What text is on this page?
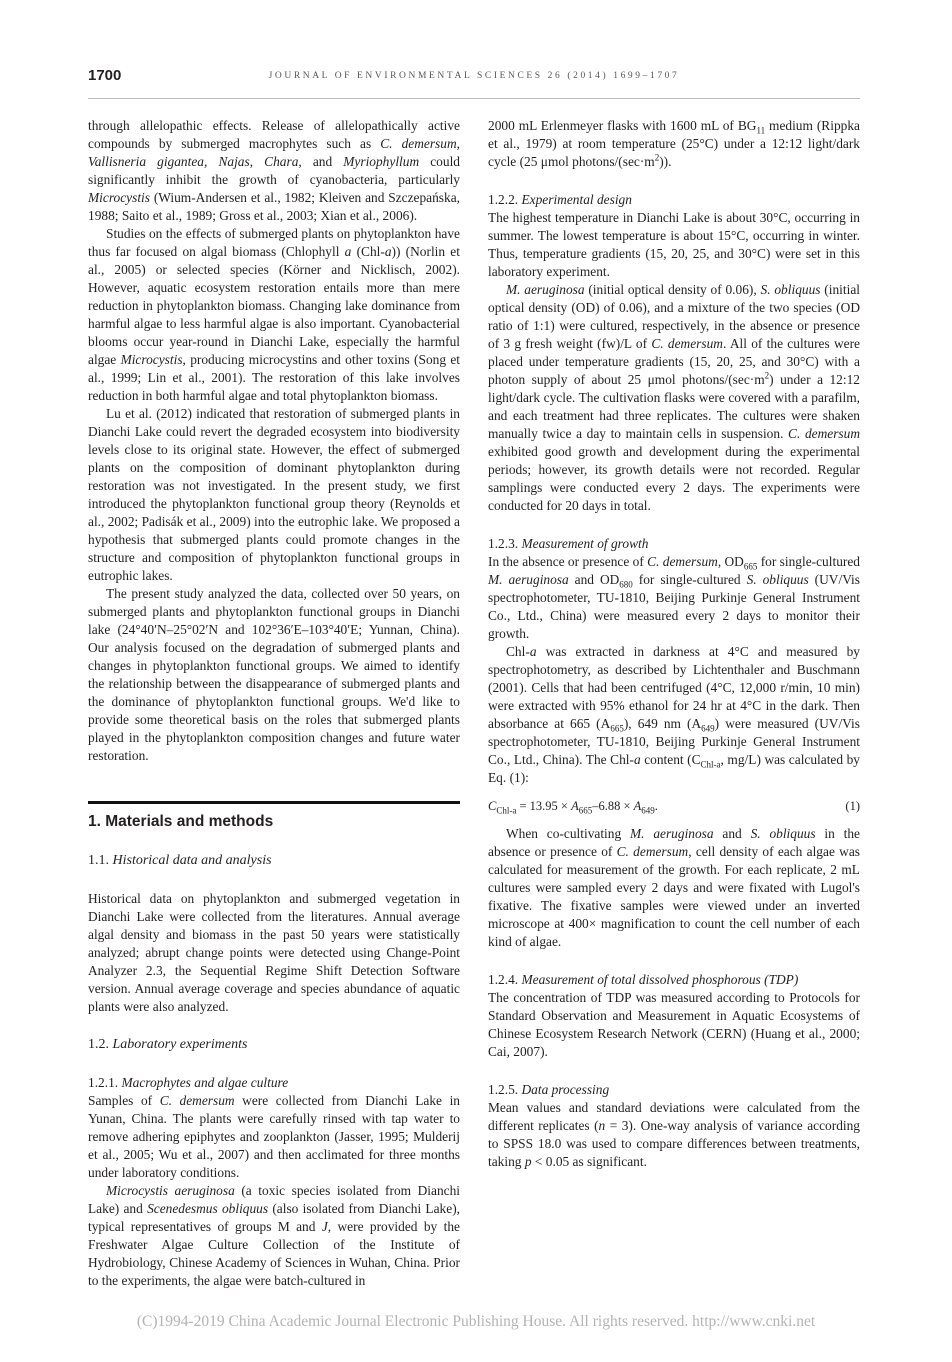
1700	JOURNAL OF ENVIRONMENTAL SCIENCES 26 (2014) 1699–1707

through allelopathic effects. Release of allelopathically active compounds by submerged macrophytes such as C. demersum, Vallisneria gigantea, Najas, Chara, and Myriophyllum could significantly inhibit the growth of cyanobacteria, particularly Microcystis (Wium-Andersen et al., 1982; Kleiven and Szczepańska, 1988; Saito et al., 1989; Gross et al., 2003; Xian et al., 2006).

Studies on the effects of submerged plants on phytoplankton have thus far focused on algal biomass (Chlophyll a (Chl-a)) (Norlin et al., 2005) or selected species (Körner and Nicklisch, 2002). However, aquatic ecosystem restoration entails more than mere reduction in phytoplankton biomass. Changing lake dominance from harmful algae to less harmful algae is also important. Cyanobacterial blooms occur year-round in Dianchi Lake, especially the harmful algae Microcystis, producing microcystins and other toxins (Song et al., 1999; Lin et al., 2001). The restoration of this lake involves reduction in both harmful algae and total phytoplankton biomass.

Lu et al. (2012) indicated that restoration of submerged plants in Dianchi Lake could revert the degraded ecosystem into biodiversity levels close to its original state. However, the effect of submerged plants on the composition of dominant phytoplankton during restoration was not investigated. In the present study, we first introduced the phytoplankton functional group theory (Reynolds et al., 2002; Padisák et al., 2009) into the eutrophic lake. We proposed a hypothesis that submerged plants could promote changes in the structure and composition of phytoplankton functional groups in eutrophic lakes.

The present study analyzed the data, collected over 50 years, on submerged plants and phytoplankton functional groups in Dianchi lake (24°40′N–25°02′N and 102°36′E–103°40′E; Yunnan, China). Our analysis focused on the degradation of submerged plants and changes in phytoplankton functional groups. We aimed to identify the relationship between the disappearance of submerged plants and the dominance of phytoplankton functional groups. We'd like to provide some theoretical basis on the roles that submerged plants played in the phytoplankton composition changes and future water restoration.

1. Materials and methods
1.1. Historical data and analysis

Historical data on phytoplankton and submerged vegetation in Dianchi Lake were collected from the literatures. Annual average algal density and biomass in the past 50 years were statistically analyzed; abrupt change points were detected using Change-Point Analyzer 2.3, the Sequential Regime Shift Detection Software version. Annual average coverage and species abundance of aquatic plants were also analyzed.

1.2. Laboratory experiments
1.2.1. Macrophytes and algae culture

Samples of C. demersum were collected from Dianchi Lake in Yunan, China. The plants were carefully rinsed with tap water to remove adhering epiphytes and zooplankton (Jasser, 1995; Mulderij et al., 2005; Wu et al., 2007) and then acclimated for three months under laboratory conditions.

Microcystis aeruginosa (a toxic species isolated from Dianchi Lake) and Scenedesmus obliquus (also isolated from Dianchi Lake), typical representatives of groups M and J, were provided by the Freshwater Algae Culture Collection of the Institute of Hydrobiology, Chinese Academy of Sciences in Wuhan, China. Prior to the experiments, the algae were batch-cultured in

2000 mL Erlenmeyer flasks with 1600 mL of $BG_{11}$ medium (Rippka et al., 1979) at room temperature (25°C) under a 12:12 light/dark cycle (25 μmol photons/$(\sec\cdot m^2)$).

1.2.2. Experimental design

The highest temperature in Dianchi Lake is about 30°C, occurring in summer. The lowest temperature is about 15°C, occurring in winter. Thus, temperature gradients (15, 20, 25, and 30°C) were set in this laboratory experiment.

M. aeruginosa (initial optical density of 0.06), S. obliquus (initial optical density (OD) of 0.06), and a mixture of the two species (OD ratio of 1:1) were cultured, respectively, in the absence or presence of 3 g fresh weight (fw)/L of C. demersum. All of the cultures were placed under temperature gradients (15, 20, 25, and 30°C) with a photon supply of about 25 μmol photons/$(\sec\cdot m^2)$ under a 12:12 light/dark cycle. The cultivation flasks were covered with a parafilm, and each treatment had three replicates. The cultures were shaken manually twice a day to maintain cells in suspension. C. demersum exhibited good growth and development during the experimental periods; however, its growth details were not recorded. Regular samplings were conducted every 2 days. The experiments were conducted for 20 days in total.

1.2.3. Measurement of growth

In the absence or presence of C. demersum, $OD_{665}$ for single-cultured M. aeruginosa and $OD_{680}$ for single-cultured S. obliquus (UV/Vis spectrophotometer, TU-1810, Beijing Purkinje General Instrument Co., Ltd., China) were measured every 2 days to monitor their growth.

Chl-a was extracted in darkness at 4°C and measured by spectrophotometry, as described by Lichtenthaler and Buschmann (2001). Cells that had been centrifuged (4°C, 12,000 r/min, 10 min) were extracted with 95% ethanol for 24 hr at 4°C in the dark. Then absorbance at 665 $(A_{665})$, 649 nm $(A_{649})$ were measured (UV/Vis spectrophotometer, TU-1810, Beijing Purkinje General Instrument Co., Ltd., China). The Chl-a content ($C_{Chl-a}$, mg/L) was calculated by Eq. (1):

$C_{Chl-a} = 13.95 \times A_{665}-6.88 \times A_{649}$.	(1)

When co-cultivating M. aeruginosa and S. obliquus in the absence or presence of C. demersum, cell density of each algae was calculated for measurement of the growth. For each replicate, 2 mL cultures were sampled every 2 days and were fixated with Lugol's fixative. The fixative samples were viewed under an inverted microscope at 400× magnification to count the cell number of each kind of algae.

1.2.4. Measurement of total dissolved phosphorous (TDP)

The concentration of TDP was measured according to Protocols for Standard Observation and Measurement in Aquatic Ecosystems of Chinese Ecosystem Research Network (CERN) (Huang et al., 2000; Cai, 2007).

1.2.5. Data processing

Mean values and standard deviations were calculated from the different replicates (n = 3). One-way analysis of variance according to SPSS 18.0 was used to compare differences between treatments, taking p < 0.05 as significant.

(C)1994-2019 China Academic Journal Electronic Publishing House. All rights reserved. http://www.cnki.net
